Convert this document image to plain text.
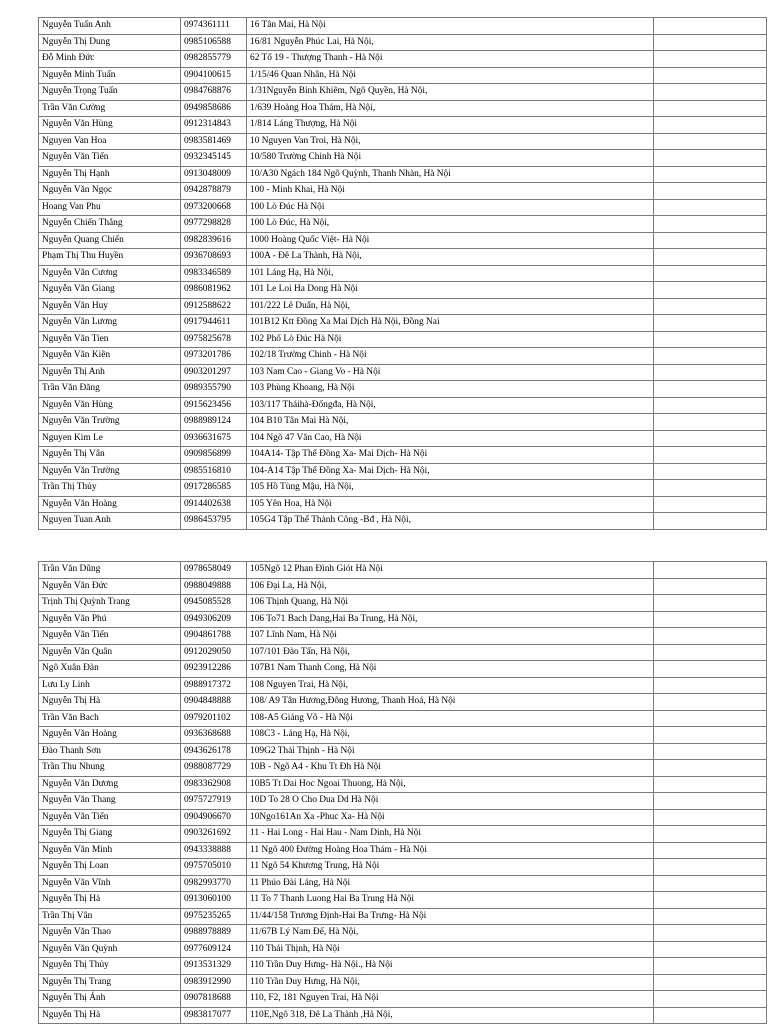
Nguyễn Tuấn Anh	0974361111	16 Tân Mai, Hà Nội	
Nguyễn Thị Dung	0985106588	16/81 Nguyễn Phúc Lai, Hà Nội,	
Đỗ Minh Đức	0982855779	62 Tổ 19 - Thượng Thanh - Hà Nội	
Nguyễn Minh Tuấn	0904100615	1/15/46 Quan Nhân, Hà Nội	
Nguyễn Trọng Tuấn	0984768876	1/31Nguyễn Bỉnh Khiêm, Ngô Quyền, Hà Nội,	
Trần Văn Cường	0949858686	1/639 Hoàng Hoa Thám, Hà Nội,	
Nguyễn Văn Hùng	0912314843	1/814 Láng Thượng, Hà Nội	
Nguyen Van Hoa	0983581469	10 Nguyen Van Troi, Hà Nội,	
Nguyễn Văn Tiến	0932345145	10/580 Trường Chinh Hà Nội	
Nguyễn Thị Hạnh	0913048009	10/A30 Ngách 184 Ngõ Quỳnh, Thanh Nhàn, Hà Nội	
Nguyễn Văn Ngọc	0942878879	100 - Minh Khai, Hà Nội	
Hoang Van Phu	0973200668	100 Lò Đúc Hà Nội	
Nguyễn Chiến Thắng	0977298828	100 Lò Đúc, Hà Nội,	
Nguyễn Quang Chiến	0982839616	1000 Hoàng Quốc Việt- Hà Nội	
Phạm Thị Thu Huyền	0936708693	100A - Đê La Thành, Hà Nội,	
Nguyễn Văn Cương	0983346589	101 Láng Hạ, Hà Nội,	
Nguyễn Văn Giang	0986081962	101 Le Loi Ha Dong Hà Nội	
Nguyễn Văn Huy	0912588622	101/222 Lê Duẩn, Hà Nội,	
Nguyễn Văn Lương	0917944611	101B12 Ktt Đồng Xa Mai Dịch Hà Nội, Đồng Nai	
Nguyễn Văn Tien	0975825678	102 Phố Lò Đúc Hà Nội	
Nguyễn Văn Kiên	0973201786	102/18 Trường Chinh - Hà Nội	
Nguyễn Thị Anh	0903201297	103 Nam Cao - Giang Vo - Hà Nội	
Trần Văn Đăng	0989355790	103 Phùng Khoang, Hà Nội	
Nguyễn Văn Hùng	0915623456	103/117 Tháihà-Đốngđa, Hà Nội,	
Nguyễn Văn Trường	0988989124	104 B10 Tân Mai Hà Nội,	
Nguyen Kim Le	0936631675	104 Ngõ 47 Văn Cao, Hà Nội	
Nguyễn Thị Vân	0909856899	104A14- Tập Thể Đồng Xa- Mai Dịch- Hà Nội	
Nguyễn Văn Trường	0985516810	104-A14 Tập Thể Đồng Xa- Mai Dịch- Hà Nội,	
Trần Thị Thủy	0917286585	105 Hồ Tùng Mậu, Hà Nội,	
Nguyễn Văn Hoàng	0914402638	105 Yên Hoa, Hà Nội	
Nguyen Tuan Anh	0986453795	105G4 Tập Thể Thành Công -Bđ , Hà Nội,	
Trần Văn Dũng	0978658049	105Ngõ 12 Phan Đình Giót Hà Nội	
Nguyễn Văn Đức	0988049888	106 Đại La, Hà Nội,	
Trịnh Thị Quỳnh Trang	0945085528	106 Thịnh Quang, Hà Nội	
Nguyễn Văn Phú	0949306209	106 To71 Bach Dang,Hai Ba Trung, Hà Nội,	
Nguyễn Văn Tiến	0904861788	107 Lĩnh Nam, Hà Nội	
Nguyễn Văn Quân	0912029050	107/101 Đào Tấn, Hà Nội,	
Ngô Xuân Đàn	0923912286	107B1 Nam Thanh Cong, Hà Nội	
Lưu Ly Linh	0988917372	108 Nguyen Trai, Hà Nội,	
Nguyễn Thị Hà	0904848888	108/ A9 Tân Hương,Đông Hương, Thanh Hoá, Hà Nội	
Trần Văn Bach	0979201102	108-A5 Giảng Võ - Hà Nội	
Nguyễn Văn Hoàng	0936368688	108C3 - Láng Hạ, Hà Nội,	
Đào Thanh Sơn	0943626178	109G2 Thái Thịnh - Hà Nội	
Trần Thu Nhung	0988087729	10B - Ngõ A4 - Khu Tt Đh Hà Nội	
Nguyễn Văn Dương	0983362908	10B5 Tt Dai Hoc Ngoai Thuong, Hà Nội,	
Nguyễn Văn Thang	0975727919	10D To 28 O Cho Dua Dd Hà Nội	
Nguyễn Văn Tiến	0904906670	10Ngo161An Xa -Phuc Xa- Hà Nội	
Nguyễn Thị Giang	0903261692	11 - Hai Long - Hai Hau - Nam Dinh, Hà Nội	
Nguyễn Văn Minh	0943338888	11 Ngõ 400 Đường Hoàng Hoa Thám - Hà Nội	
Nguyễn Thị Loan	0975705010	11 Ngõ 54 Khương Trung, Hà Nội	
Nguyễn Văn Vĩnh	0982993770	11 Phúo Đài Láng, Hà Nội	
Nguyễn Thị Hà	0913060100	11 To 7 Thanh Luong Hai Ba Trung Hà Nội	
Trần Thị Vân	0975235265	11/44/158 Trương Định-Hai Ba Trưng- Hà Nội	
Nguyễn Văn Thao	0988978889	11/67B Lý Nam Đế, Hà Nội,	
Nguyễn Văn Quỳnh	0977609124	110 Thái Thịnh, Hà Nội	
Nguyễn Thị Thủy	0913531329	110 Trần Duy Hưng- Hà Nội., Hà Nội	
Nguyễn Thị Trang	0983912990	110 Trần Duy Hưng, Hà Nội,	
Nguyễn Thị Ánh	0907818688	110, F2, 181 Nguyen Trai, Hà Nội	
Nguyễn Thị Hà	0983817077	110E,Ngõ 318, Đê La Thành ,Hà Nội,	
